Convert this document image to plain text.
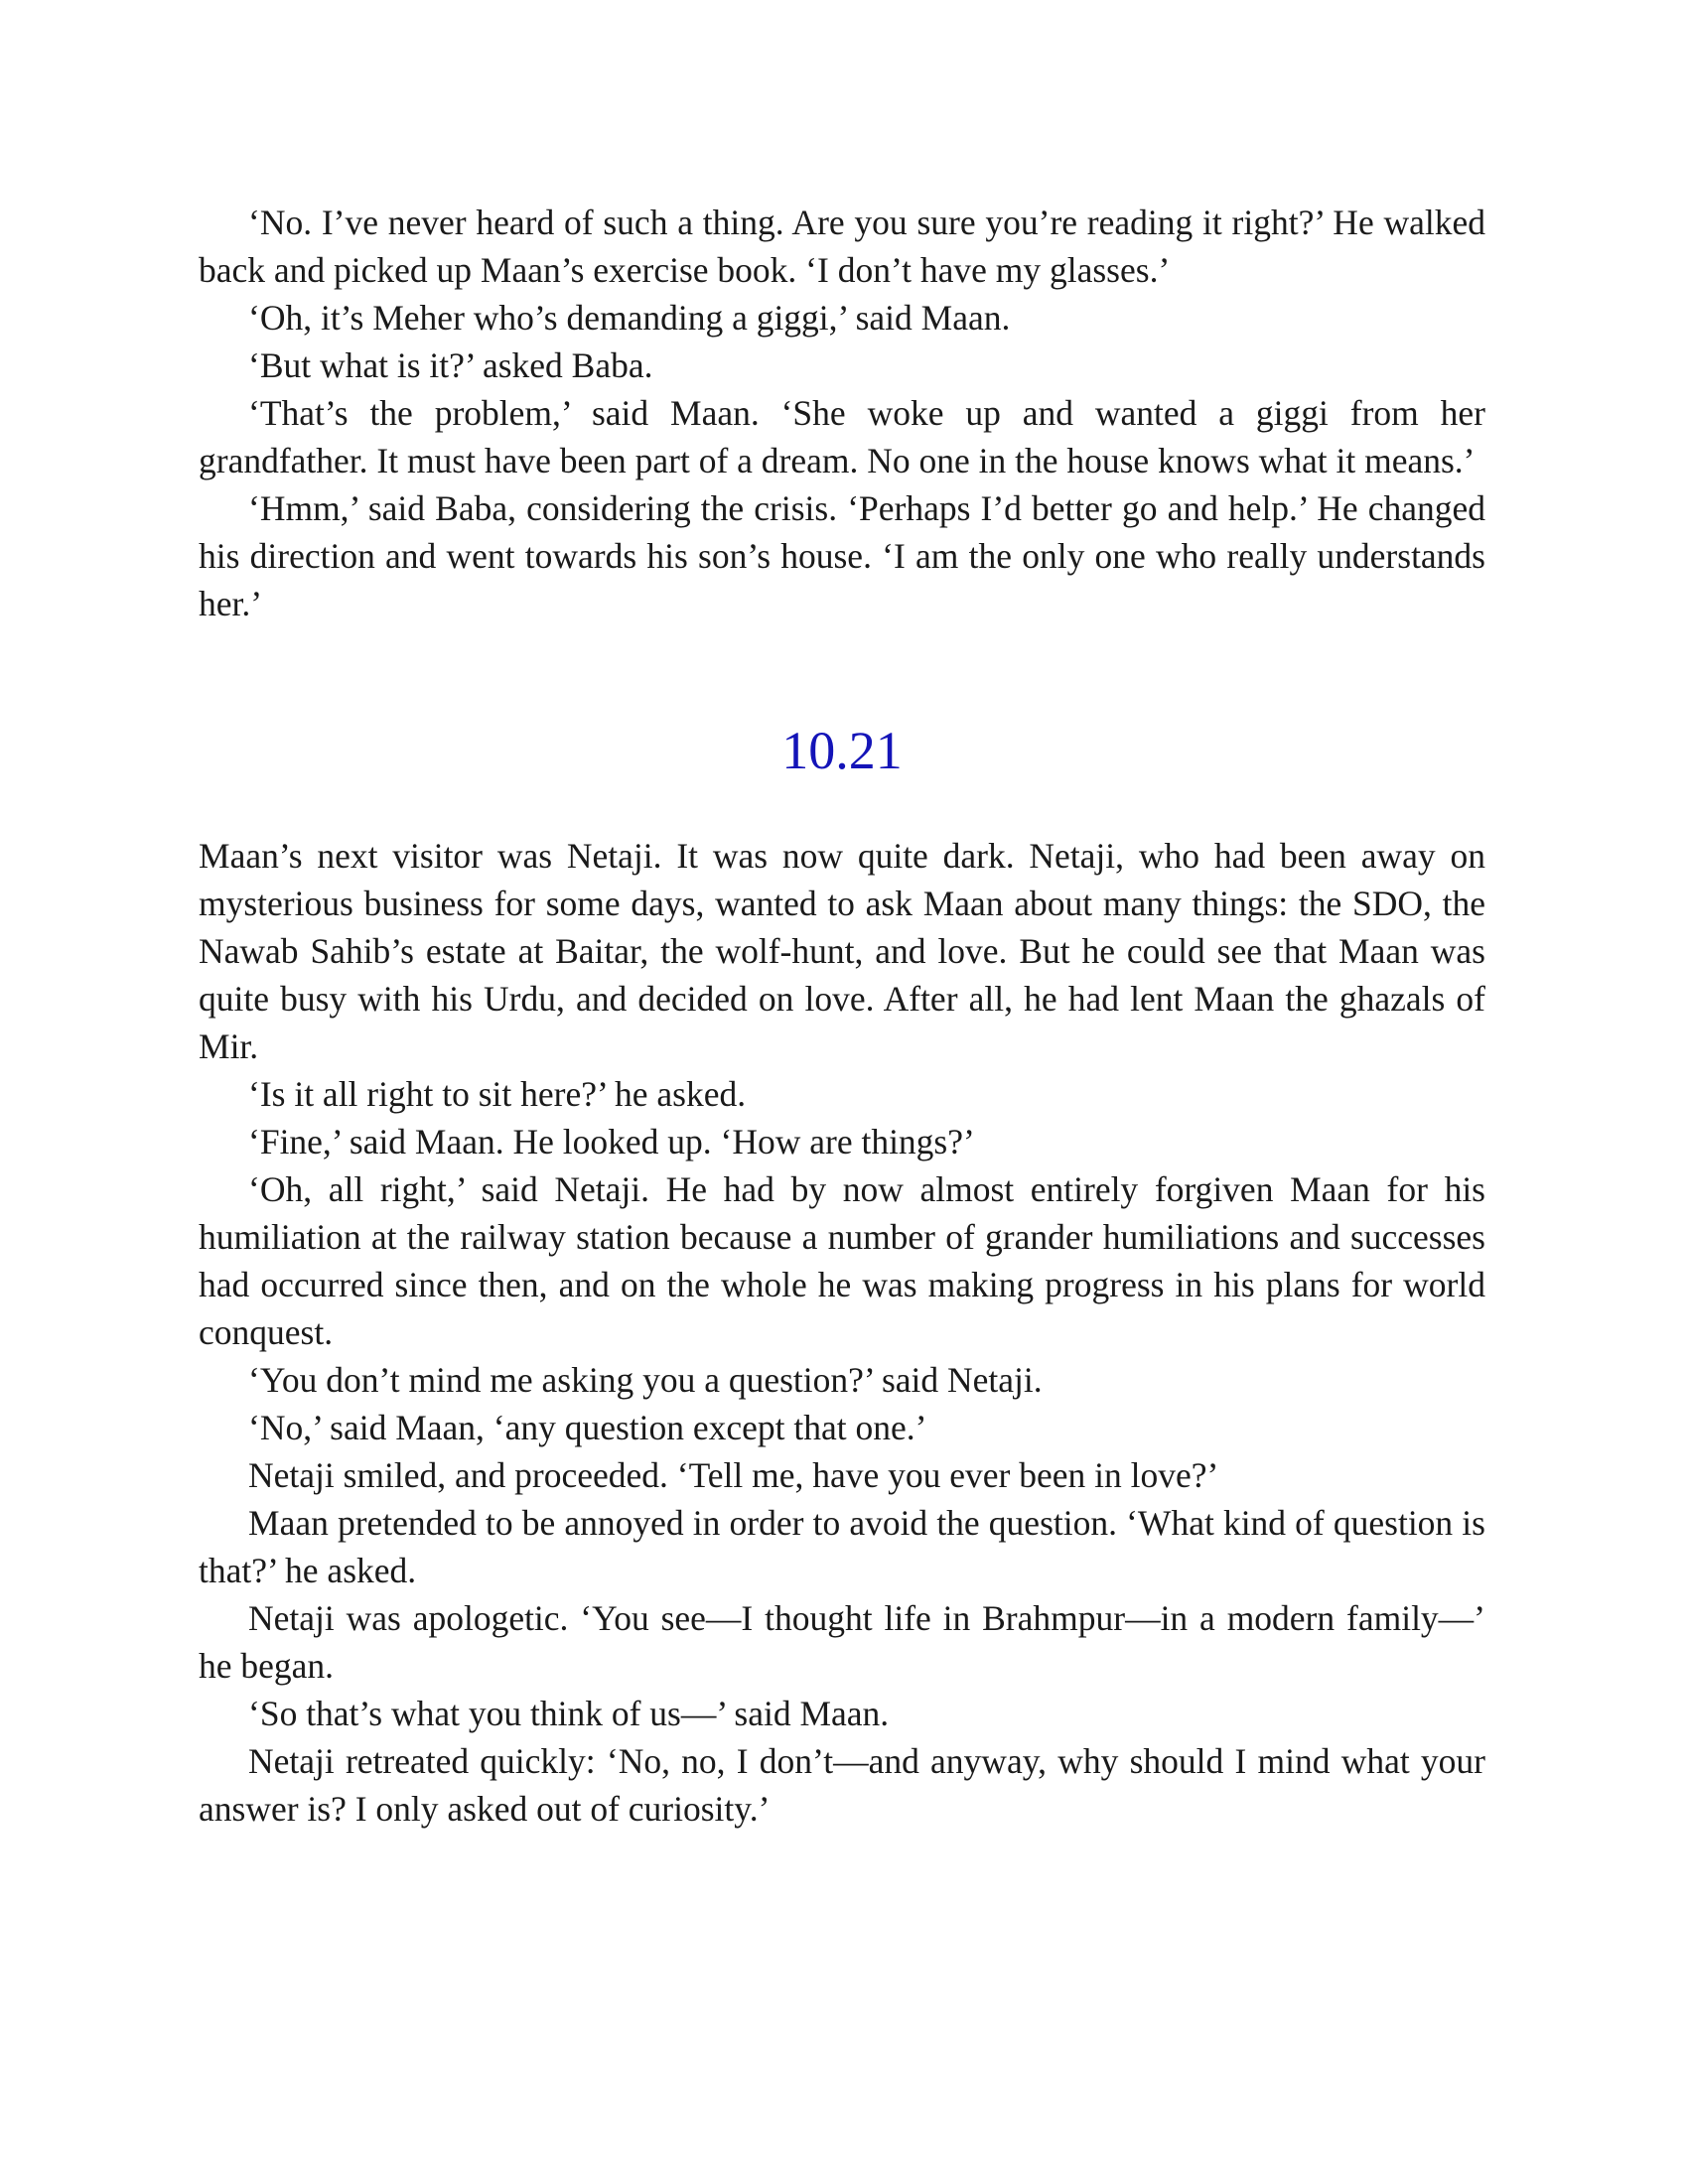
‘No. I’ve never heard of such a thing. Are you sure you’re reading it right?’ He walked back and picked up Maan’s exercise book. ‘I don’t have my glasses.’

‘Oh, it’s Meher who’s demanding a giggi,’ said Maan.

‘But what is it?’ asked Baba.

‘That’s the problem,’ said Maan. ‘She woke up and wanted a giggi from her grandfather. It must have been part of a dream. No one in the house knows what it means.’

‘Hmm,’ said Baba, considering the crisis. ‘Perhaps I’d better go and help.’ He changed his direction and went towards his son’s house. ‘I am the only one who really understands her.’

10.21

Maan’s next visitor was Netaji. It was now quite dark. Netaji, who had been away on mysterious business for some days, wanted to ask Maan about many things: the SDO, the Nawab Sahib’s estate at Baitar, the wolf-hunt, and love. But he could see that Maan was quite busy with his Urdu, and decided on love. After all, he had lent Maan the ghazals of Mir.

‘Is it all right to sit here?’ he asked.

‘Fine,’ said Maan. He looked up. ‘How are things?’

‘Oh, all right,’ said Netaji. He had by now almost entirely forgiven Maan for his humiliation at the railway station because a number of grander humiliations and successes had occurred since then, and on the whole he was making progress in his plans for world conquest.

‘You don’t mind me asking you a question?’ said Netaji.

‘No,’ said Maan, ‘any question except that one.’

Netaji smiled, and proceeded. ‘Tell me, have you ever been in love?’

Maan pretended to be annoyed in order to avoid the question. ‘What kind of question is that?’ he asked.

Netaji was apologetic. ‘You see—I thought life in Brahmpur—in a modern family—’ he began.

‘So that’s what you think of us—’ said Maan.

Netaji retreated quickly: ‘No, no, I don’t—and anyway, why should I mind what your answer is? I only asked out of curiosity.’
